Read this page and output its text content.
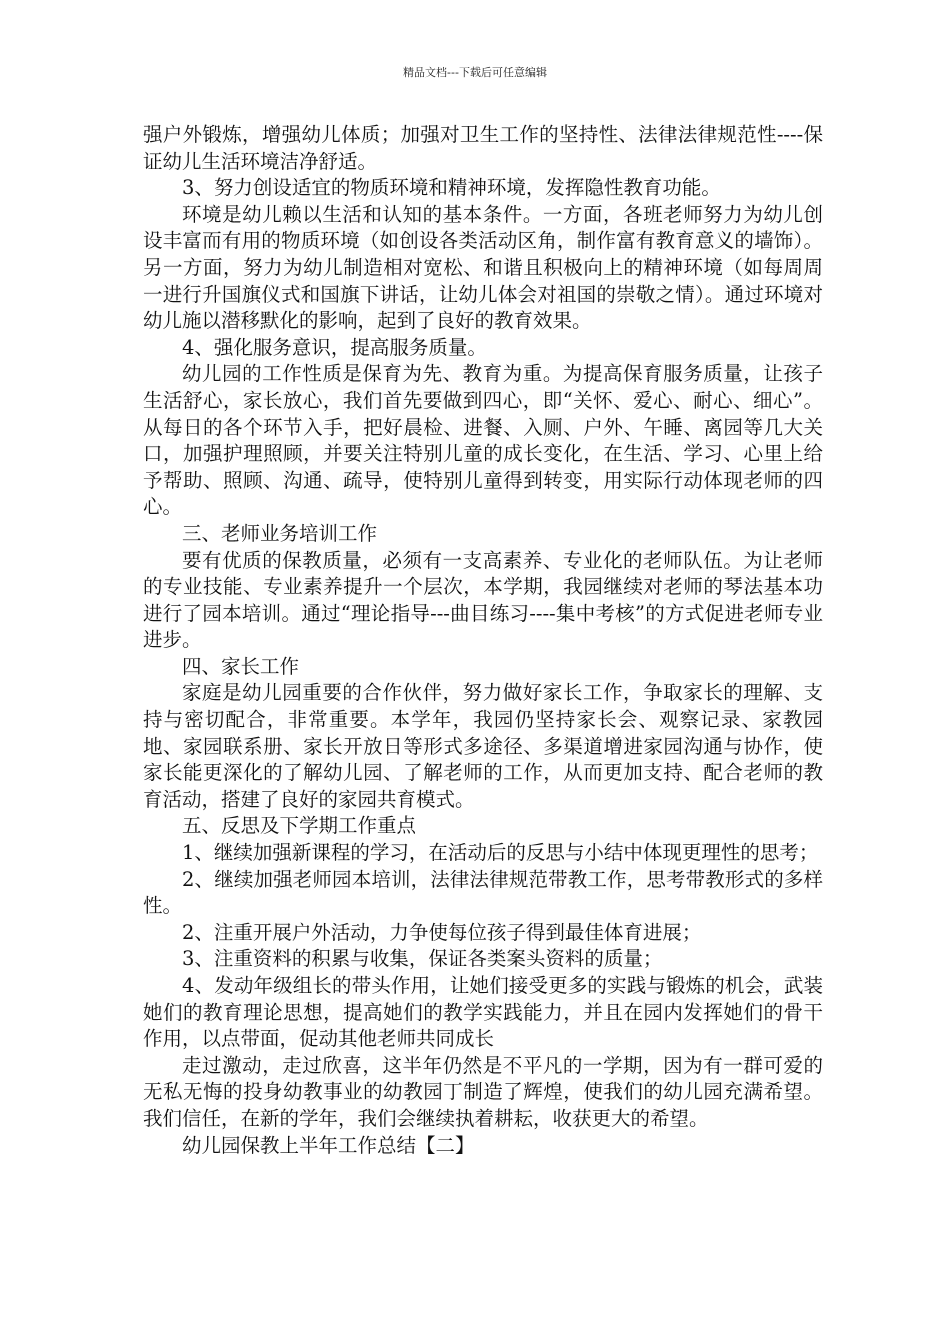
精品文档---下载后可任意编辑

强户外锻炼，增强幼儿体质；加强对卫生工作的坚持性、法律法律规范性----保证幼儿生活环境洁净舒适。

3、努力创设适宜的物质环境和精神环境，发挥隐性教育功能。

环境是幼儿赖以生活和认知的基本条件。一方面，各班老师努力为幼儿创设丰富而有用的物质环境（如创设各类活动区角，制作富有教育意义的墙饰）。另一方面，努力为幼儿制造相对宽松、和谐且积极向上的精神环境（如每周周一进行升国旗仪式和国旗下讲话，让幼儿体会对祖国的崇敬之情）。通过环境对幼儿施以潜移默化的影响，起到了良好的教育效果。

4、强化服务意识，提高服务质量。

幼儿园的工作性质是保育为先、教育为重。为提高保育服务质量，让孩子生活舒心，家长放心，我们首先要做到四心，即“关怀、爱心、耐心、细心”。从每日的各个环节入手，把好晨检、进餐、入厕、户外、午睡、离园等几大关口，加强护理照顾，并要关注特别儿童的成长变化，在生活、学习、心里上给予帮助、照顾、沟通、疏导，使特别儿童得到转变，用实际行动体现老师的四心。

三、老师业务培训工作

要有优质的保教质量，必须有一支高素养、专业化的老师队伍。为让老师的专业技能、专业素养提升一个层次，本学期，我园继续对老师的琴法基本功进行了园本培训。通过“理论指导---曲目练习----集中考核”的方式促进老师专业进步。

四、家长工作

家庭是幼儿园重要的合作伙伴，努力做好家长工作，争取家长的理解、支持与密切配合，非常重要。本学年，我园仍坚持家长会、观察记录、家教园地、家园联系册、家长开放日等形式多途径、多渠道增进家园沟通与协作，使家长能更深化的了解幼儿园、了解老师的工作，从而更加支持、配合老师的教育活动，搭建了良好的家园共育模式。

五、反思及下学期工作重点

1、继续加强新课程的学习，在活动后的反思与小结中体现更理性的思考；

2、继续加强老师园本培训，法律法律规范带教工作，思考带教形式的多样性。

2、注重开展户外活动，力争使每位孩子得到最佳体育进展；

3、注重资料的积累与收集，保证各类案头资料的质量；

4、发动年级组长的带头作用，让她们接受更多的实践与锻炼的机会，武装她们的教育理论思想，提高她们的教学实践能力，并且在园内发挥她们的骨干作用，以点带面，促动其他老师共同成长

走过激动，走过欣喜，这半年仍然是不平凡的一学期，因为有一群可爱的无私无悔的投身幼教事业的幼教园丁制造了辉煌，使我们的幼儿园充满希望。我们信任，在新的学年，我们会继续执着耕耘，收获更大的希望。

幼儿园保教上半年工作总结【二】
